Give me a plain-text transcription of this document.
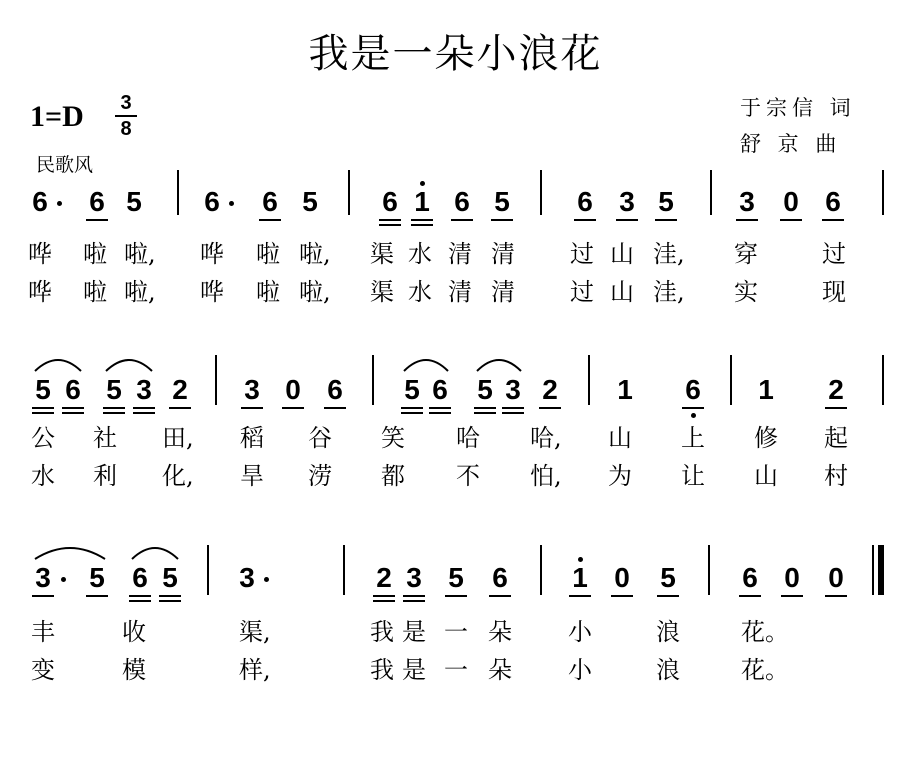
我是一朵小浪花
1=D 3
8
民歌风
于宗信 词
舒 京 曲
6 6 5 6 6 5 6 1 6 5 6 3 5 3 0 6
哗 啦 啦, 哗 啦 啦, 渠 水 清 清 过 山 洼, 穿	过
哗 啦 啦, 哗 啦 啦, 渠 水 清 清 过 山 洼, 实	现
5 6 5 3 2 3 0 6 5 6 5 3 2 1 6 1 2
公 社 田, 稻 谷 笑 哈 哈, 山 上 修 起
水 利 化, 旱 涝 都 不 怕, 为 让 山 村
3 5 6 5 3	2 3 5 6 1 0 5 6 0 0
丰	收	渠,	我 是 一 朵 小	浪	花。
变	模	样,	我 是 一 朵 小	浪	花。
